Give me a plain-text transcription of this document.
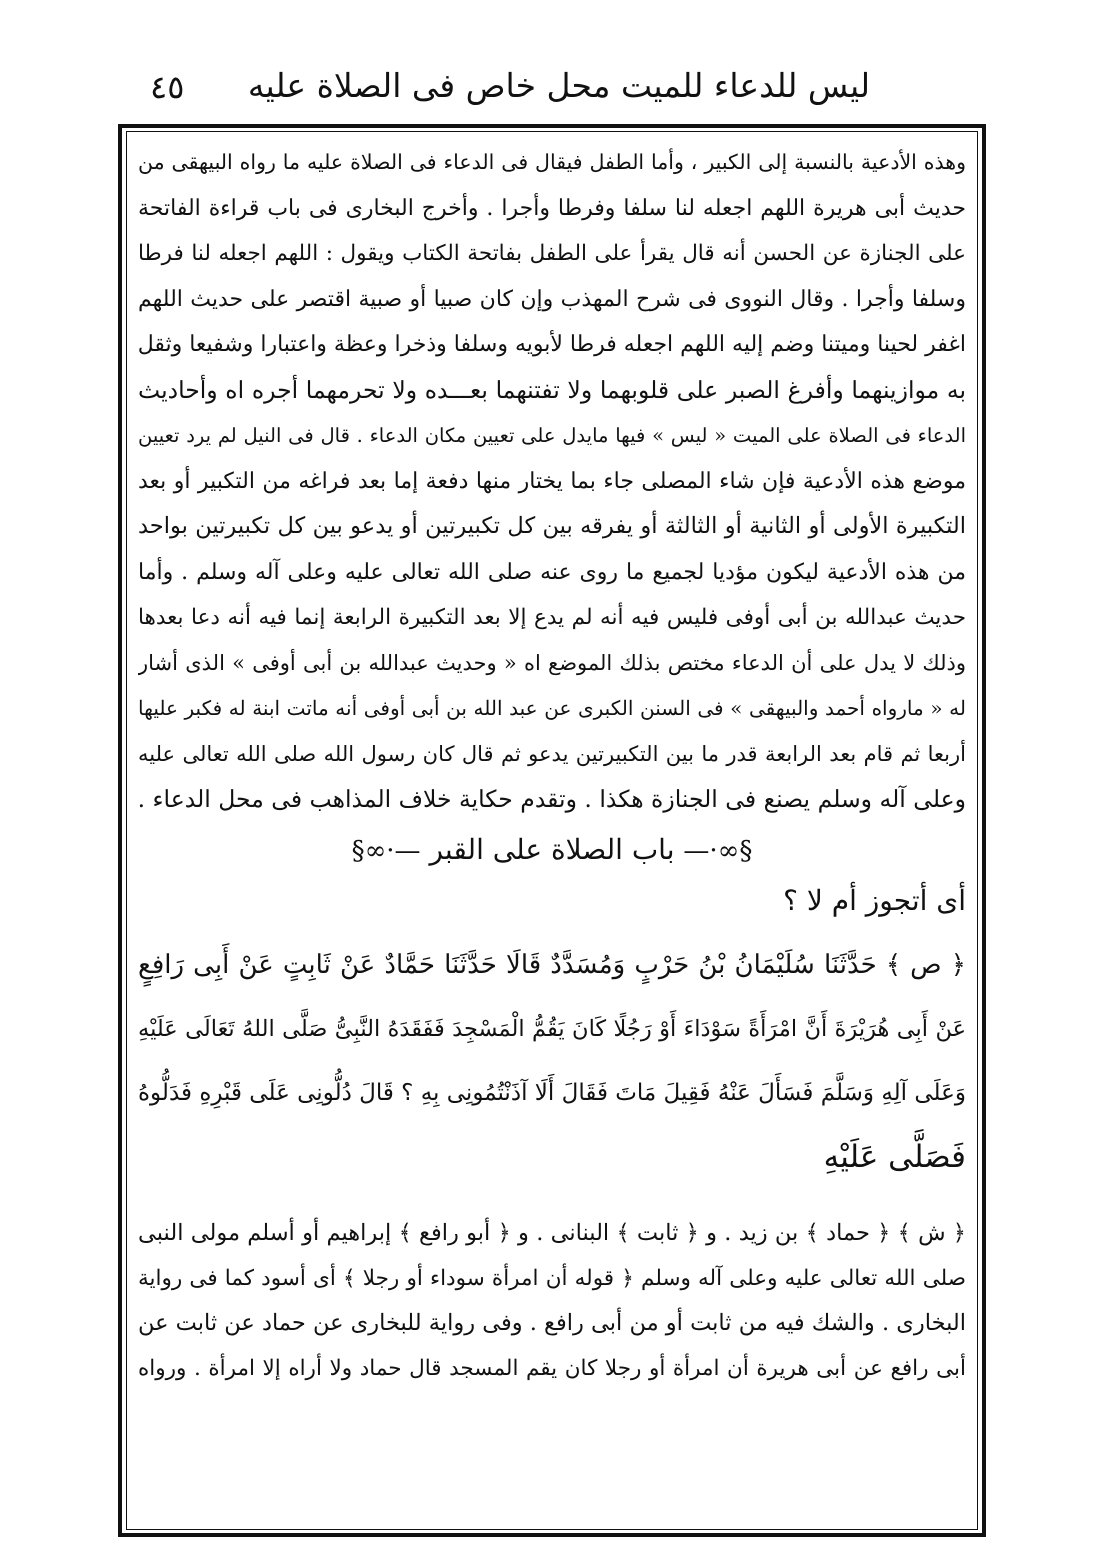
ليس للدعاء للميت محل خاص فى الصلاة عليه
٤٥
وهذه الأدعية بالنسبة إلى الكبير ، وأما الطفل فيقال فى الدعاء فى الصلاة عليه ما رواه البيهقى من
حديث أبى هريرة اللهم اجعله لنا سلفا وفرطا وأجرا . وأخرج البخارى فى باب قراءة الفاتحة
على الجنازة عن الحسن أنه قال يقرأ على الطفل بفاتحة الكتاب ويقول : اللهم اجعله لنا فرطا
وسلفا وأجرا . وقال النووى فى شرح المهذب وإن كان صبيا أو صبية اقتصر على حديث اللهم
اغفر لحينا وميتنا وضم إليه اللهم اجعله فرطا لأبويه وسلفا وذخرا وعظة واعتبارا وشفيعا وثقل
به موازينهما وأفرغ الصبر على قلوبهما ولا تفتنهما بعـــده ولا تحرمهما أجره اه وأحاديث
الدعاء فى الصلاة على الميت « ليس » فيها مايدل على تعيين مكان الدعاء . قال فى النيل لم يرد تعيين
موضع هذه الأدعية فإن شاء المصلى جاء بما يختار منها دفعة إما بعد فراغه من التكبير أو بعد
التكبيرة الأولى أو الثانية أو الثالثة أو يفرقه بين كل تكبيرتين أو يدعو بين كل تكبيرتين بواحد
من هذه الأدعية ليكون مؤديا لجميع ما روى عنه صلى الله تعالى عليه وعلى آله وسلم . وأما
حديث عبدالله بن أبى أوفى فليس فيه أنه لم يدع إلا بعد التكبيرة الرابعة إنما فيه أنه دعا بعدها
وذلك لا يدل على أن الدعاء مختص بذلك الموضع اه « وحديث عبدالله بن أبى أوفى » الذى أشار
له « مارواه أحمد والبيهقى » فى السنن الكبرى عن عبد الله بن أبى أوفى أنه ماتت ابنة له فكبر عليها
أربعا ثم قام بعد الرابعة قدر ما بين التكبيرتين يدعو ثم قال كان رسول الله صلى الله تعالى عليه
وعلى آله وسلم يصنع فى الجنازة هكذا . وتقدم حكاية خلاف المذاهب فى محل الدعاء .
§∞·— باب الصلاة على القبر —·∞§
أى أتجوز أم لا ؟
﴿ ص ﴾ حَدَّثَنَا سُلَيْمَانُ بْنُ حَرْبٍ وَمُسَدَّدٌ قَالَا حَدَّثَنَا حَمَّادٌ عَنْ ثَابِتٍ عَنْ أَبِى رَافِعٍ
عَنْ أَبِى هُرَيْرَةَ أَنَّ امْرَأَةً سَوْدَاءَ أَوْ رَجُلًا كَانَ يَقُمُّ الْمَسْجِدَ فَفَقَدَهُ النَّبِىُّ صَلَّى اللهُ تَعَالَى عَلَيْهِ
وَعَلَى آلِهِ وَسَلَّمَ فَسَأَلَ عَنْهُ فَقِيلَ مَاتَ فَقَالَ أَلَا آذَنْتُمُونِى بِهِ ؟ قَالَ دُلُّونِى عَلَى قَبْرِهِ فَدَلُّوهُ
فَصَلَّى عَلَيْهِ
﴿ ش ﴾ ﴿ حماد ﴾ بن زيد . و ﴿ ثابت ﴾ البنانى . و ﴿ أبو رافع ﴾ إبراهيم أو أسلم مولى النبى
صلى الله تعالى عليه وعلى آله وسلم ﴿ قوله أن امرأة سوداء أو رجلا ﴾ أى أسود كما فى رواية
البخارى . والشك فيه من ثابت أو من أبى رافع . وفى رواية للبخارى عن حماد عن ثابت عن
أبى رافع عن أبى هريرة أن امرأة أو رجلا كان يقم المسجد قال حماد ولا أراه إلا امرأة . ورواه
